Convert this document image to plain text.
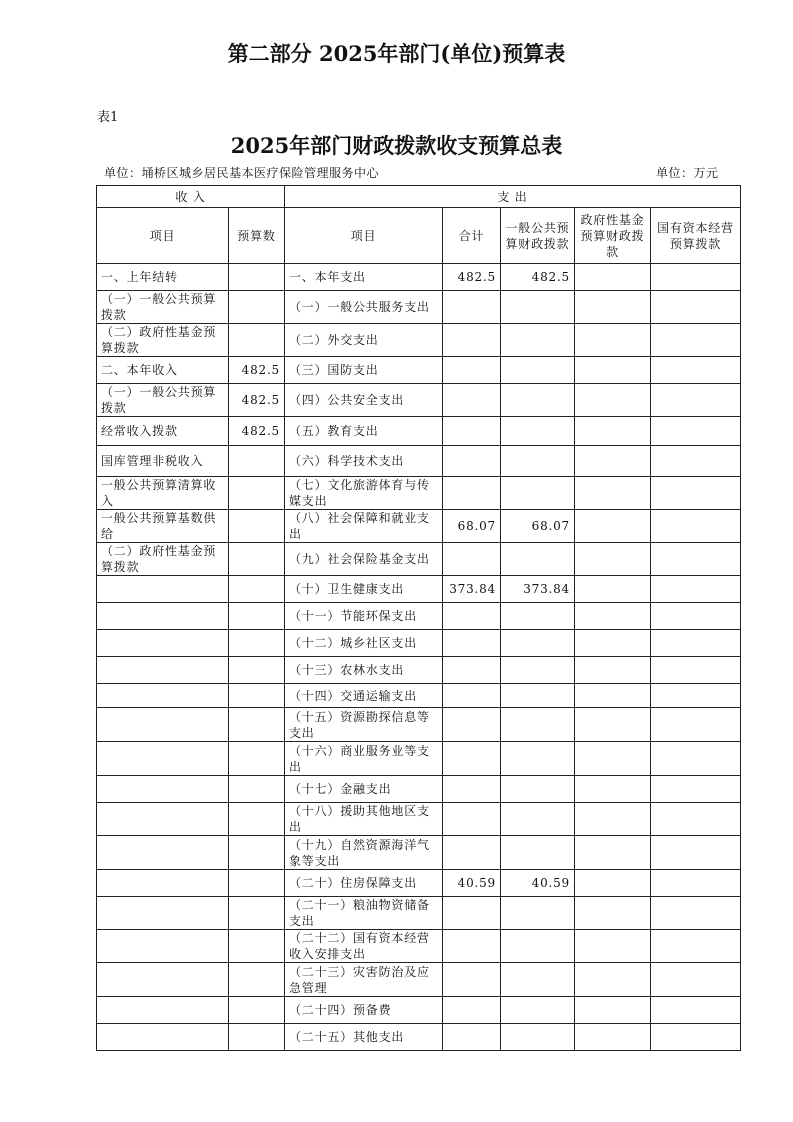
第二部分 2025年部门(单位)预算表
表1
2025年部门财政拨款收支预算总表
单位：埇桥区城乡居民基本医疗保险管理服务中心	单位：万元
收 入		支 出				
项目	预算数	项目	合计	一般公共预算财政拨款	政府性基金预算财政拨款	国有资本经营预算拨款
一、上年结转		一、本年支出	482.5	482.5		
（一）一般公共预算拨款		（一）一般公共服务支出				
（二）政府性基金预算拨款		（二）外交支出				
二、本年收入	482.5	（三）国防支出				
（一）一般公共预算拨款	482.5	（四）公共安全支出				
经常收入拨款	482.5	（五）教育支出				
国库管理非税收入		（六）科学技术支出				
一般公共预算清算收入		（七）文化旅游体育与传媒支出				
一般公共预算基数供给		（八）社会保障和就业支出	68.07	68.07		
（二）政府性基金预算拨款		（九）社会保险基金支出				
		（十）卫生健康支出	373.84	373.84		
		（十一）节能环保支出				
		（十二）城乡社区支出				
		（十三）农林水支出				
		（十四）交通运输支出				
		（十五）资源勘探信息等支出				
		（十六）商业服务业等支出				
		（十七）金融支出				
		（十八）援助其他地区支出				
		（十九）自然资源海洋气象等支出				
		（二十）住房保障支出	40.59	40.59		
		（二十一）粮油物资储备支出				
		（二十二）国有资本经营收入安排支出				
		（二十三）灾害防治及应急管理				
		（二十四）预备费				
		（二十五）其他支出				
